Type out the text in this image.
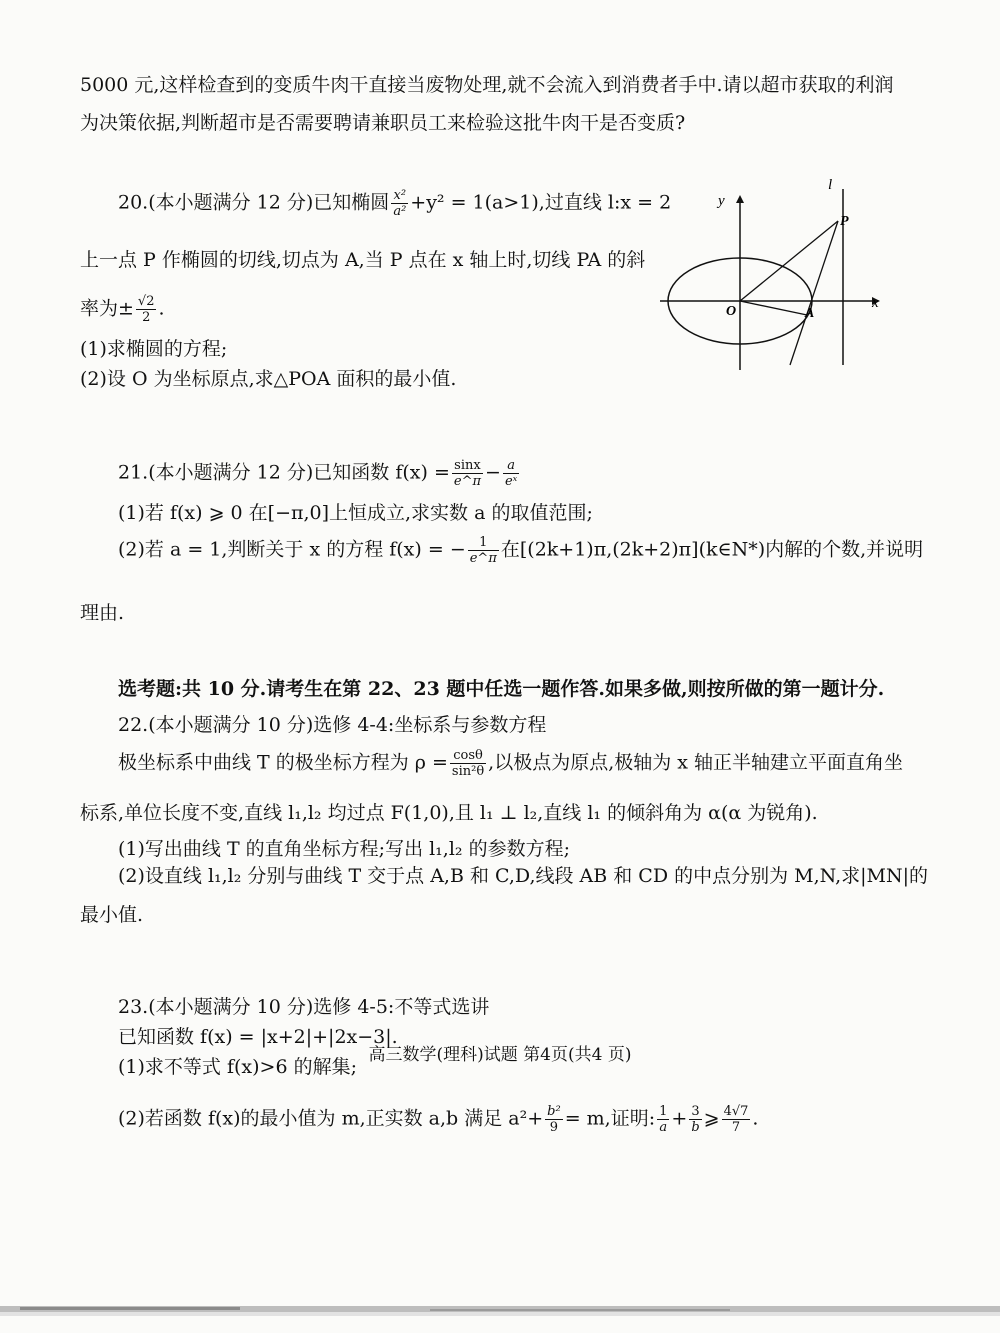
5000 元,这样检查到的变质牛肉干直接当废物处理,就不会流入到消费者手中.请以超市获取的利润
为决策依据,判断超市是否需要聘请兼职员工来检验这批牛肉干是否变质?
20.(本小题满分 12 分)已知椭圆 $\frac{\text{x²}}{\text{a²}} +y^2 = 1(a>1)$,过直线 l:x = 2
上一点 P 作椭圆的切线,切点为 A,当 P 点在 x 轴上时,切线 PA 的斜
率为± $\frac{√2}{2}$ .
(1)求椭圆的方程;
(2)设 O 为坐标原点,求△POA 面积的最小值.
y
x
l
P
O	A
21.(本小题满分 12 分)已知函数 $f(x) = \frac{\sin x}{e\^{}\pi} - \frac{a}{\text{eˣ}}$
(1)若 f(x) ⩾ 0 在[−π,0]上恒成立,求实数 a 的取值范围;
(2)若 a = 1,判断关于 x 的方程 f(x) = − $\frac{1}{e\^{}\pi}$ 在[(2k+1)π,(2k+2)π](k∈N*)内解的个数,并说明
理由.
选考题:共 10 分.请考生在第 22、23 题中任选一题作答.如果多做,则按所做的第一题计分.
22.(本小题满分 10 分)选修 4-4:坐标系与参数方程
极坐标系中曲线 T 的极坐标方程为 $\rho = \frac{\cos\theta}{\text{sin²θ}}$ ,以极点为原点,极轴为 x 轴正半轴建立平面直角坐
标系,单位长度不变,直线 l₁,l₂ 均过点 F(1,0),且 l₁ ⊥ l₂,直线 l₁ 的倾斜角为 α(α 为锐角).
(1)写出曲线 T 的直角坐标方程;写出 l₁,l₂ 的参数方程;
(2)设直线 l₁,l₂ 分别与曲线 T 交于点 A,B 和 C,D,线段 AB 和 CD 的中点分别为 M,N,求|MN|的
最小值.
23.(本小题满分 10 分)选修 4-5:不等式选讲
已知函数 f(x) = |x+2|+|2x−3|.
(1)求不等式 f(x)>6 的解集;
(2)若函数 f(x)的最小值为 m,正实数 a,b 满足 $a^2+ \frac{\text{b²}}{9} = m$,证明: $\frac{1}{a} + \frac{3}{b}$ ⩾ $\frac{4√7}{7}$ .
高三数学(理科)试题 第4页(共4 页)
